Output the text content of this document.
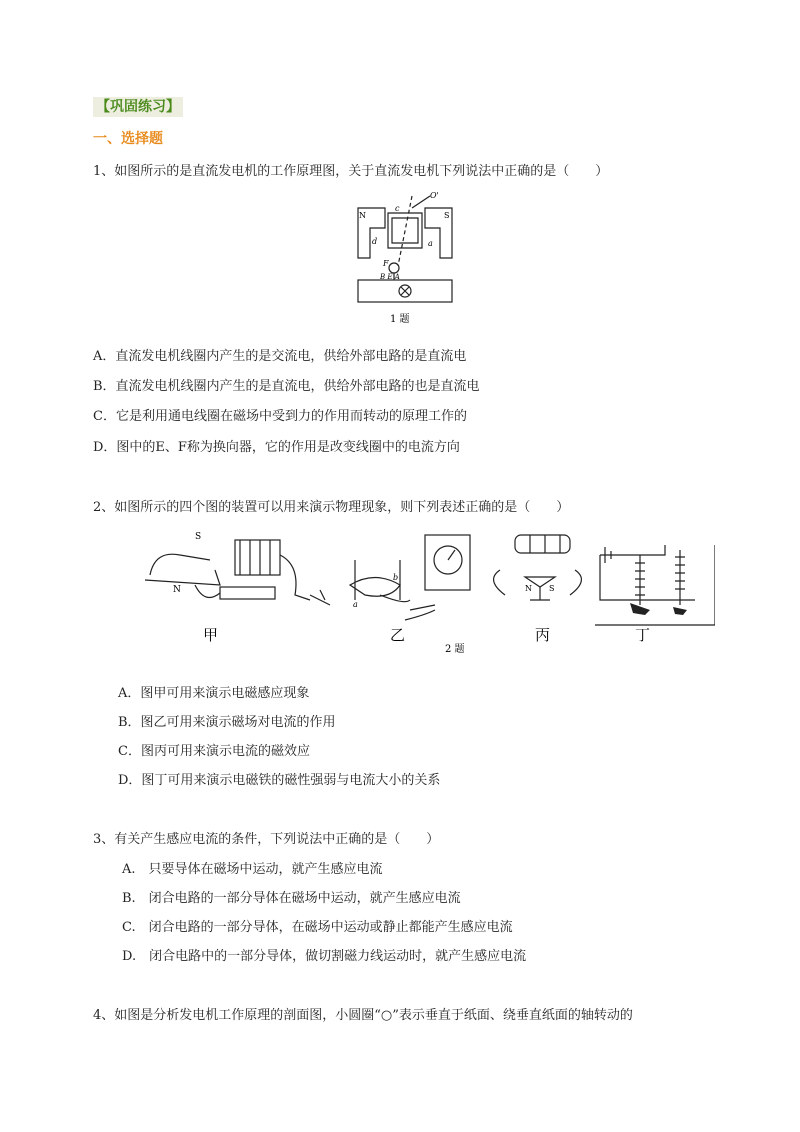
【巩固练习】
一、选择题
1、如图所示的是直流发电机的工作原理图，关于直流发电机下列说法中正确的是（　　）
N	S
c
d	a
O'
F
B E A
1 题
A．直流发电机线圈内产生的是交流电，供给外部电路的是直流电
B．直流发电机线圈内产生的是直流电，供给外部电路的也是直流电
C．它是利用通电线圈在磁场中受到力的作用而转动的原理工作的
D．图中的E、F称为换向器，它的作用是改变线圈中的电流方向
2、如图所示的四个图的装置可以用来演示物理现象，则下列表述正确的是（　　）
S
N
a
b
N S
甲	乙	丙	丁
2 题
A．图甲可用来演示电磁感应现象
B．图乙可用来演示磁场对电流的作用
C．图丙可用来演示电流的磁效应
D．图丁可用来演示电磁铁的磁性强弱与电流大小的关系
3、有关产生感应电流的条件，下列说法中正确的是（　　）
A.　只要导体在磁场中运动，就产生感应电流
B.　闭合电路的一部分导体在磁场中运动，就产生感应电流
C.　闭合电路的一部分导体，在磁场中运动或静止都能产生感应电流
D.　闭合电路中的一部分导体，做切割磁力线运动时，就产生感应电流
4、如图是分析发电机工作原理的剖面图，小圆圈“○”表示垂直于纸面、绕垂直纸面的轴转动的
